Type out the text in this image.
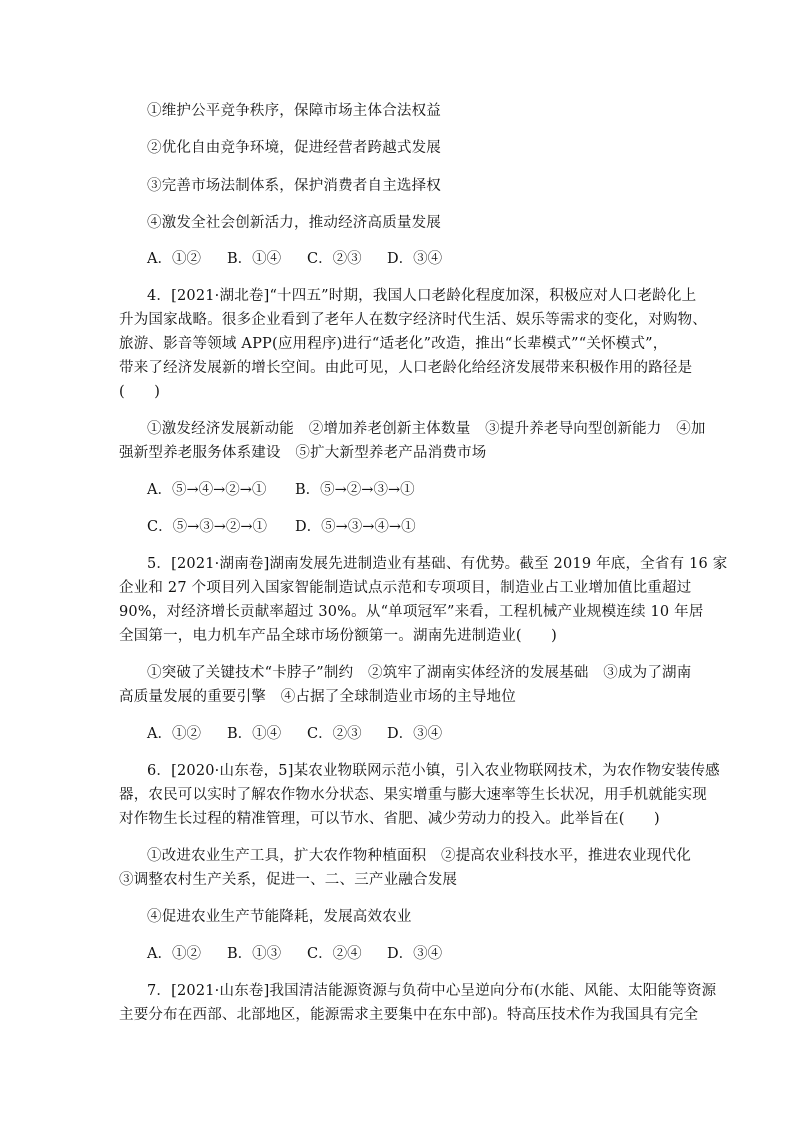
①维护公平竞争秩序，保障市场主体合法权益
②优化自由竞争环境，促进经营者跨越式发展
③完善市场法制体系，保护消费者自主选择权
④激发全社会创新活力，推动经济高质量发展
A．①② B．①④ C．②③ D．③④
4．[2021·湖北卷]“十四五”时期，我国人口老龄化程度加深，积极应对人口老龄化上
升为国家战略。很多企业看到了老年人在数字经济时代生活、娱乐等需求的变化，对购物、
旅游、影音等领域 APP(应用程序)进行“适老化”改造，推出“长辈模式”“关怀模式”，
带来了经济发展新的增长空间。由此可见，人口老龄化给经济发展带来积极作用的路径是
(　　)
①激发经济发展新动能　②增加养老创新主体数量　③提升养老导向型创新能力　④加
强新型养老服务体系建设　⑤扩大新型养老产品消费市场
A．⑤→④→②→① B．⑤→②→③→①
C．⑤→③→②→① D．⑤→③→④→①
5．[2021·湖南卷]湖南发展先进制造业有基础、有优势。截至 2019 年底，全省有 16 家
企业和 27 个项目列入国家智能制造试点示范和专项项目，制造业占工业增加值比重超过
90%，对经济增长贡献率超过 30%。从“单项冠军”来看，工程机械产业规模连续 10 年居
全国第一，电力机车产品全球市场份额第一。湖南先进制造业(　　)
①突破了关键技术“卡脖子”制约　②筑牢了湖南实体经济的发展基础　③成为了湖南
高质量发展的重要引擎　④占据了全球制造业市场的主导地位
A．①② B．①④ C．②③ D．③④
6．[2020·山东卷，5]某农业物联网示范小镇，引入农业物联网技术，为农作物安装传感
器，农民可以实时了解农作物水分状态、果实增重与膨大速率等生长状况，用手机就能实现
对作物生长过程的精准管理，可以节水、省肥、减少劳动力的投入。此举旨在(　　)
①改进农业生产工具，扩大农作物种植面积　②提高农业科技水平，推进农业现代化
③调整农村生产关系，促进一、二、三产业融合发展
④促进农业生产节能降耗，发展高效农业
A．①② B．①③ C．②④ D．③④
7．[2021·山东卷]我国清洁能源资源与负荷中心呈逆向分布(水能、风能、太阳能等资源
主要分布在西部、北部地区，能源需求主要集中在东中部)。特高压技术作为我国具有完全
